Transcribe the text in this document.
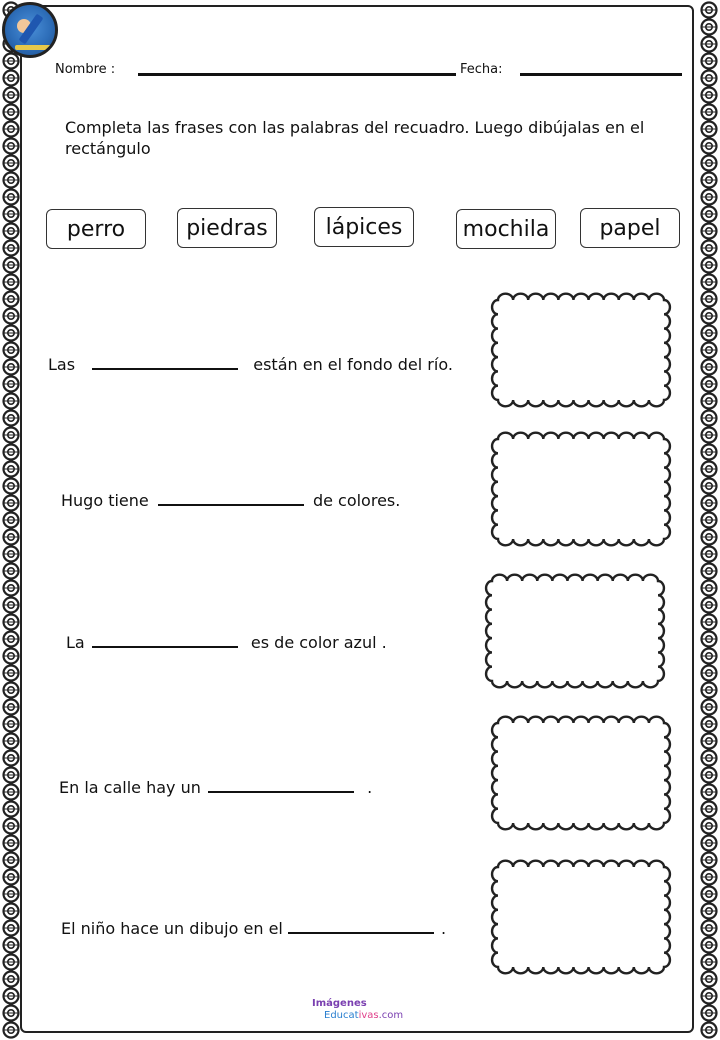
Nombre :	Fecha:
Completa las frases con las palabras del recuadro. Luego dibújalas en el rectángulo
perro	piedras	lápices	mochila	papel
Las	están en el fondo del río.
Hugo tiene	de colores.
La	es de color azul .
En la calle hay un	.
El niño hace un dibujo en el	.
Imágenes
Educativas.com
